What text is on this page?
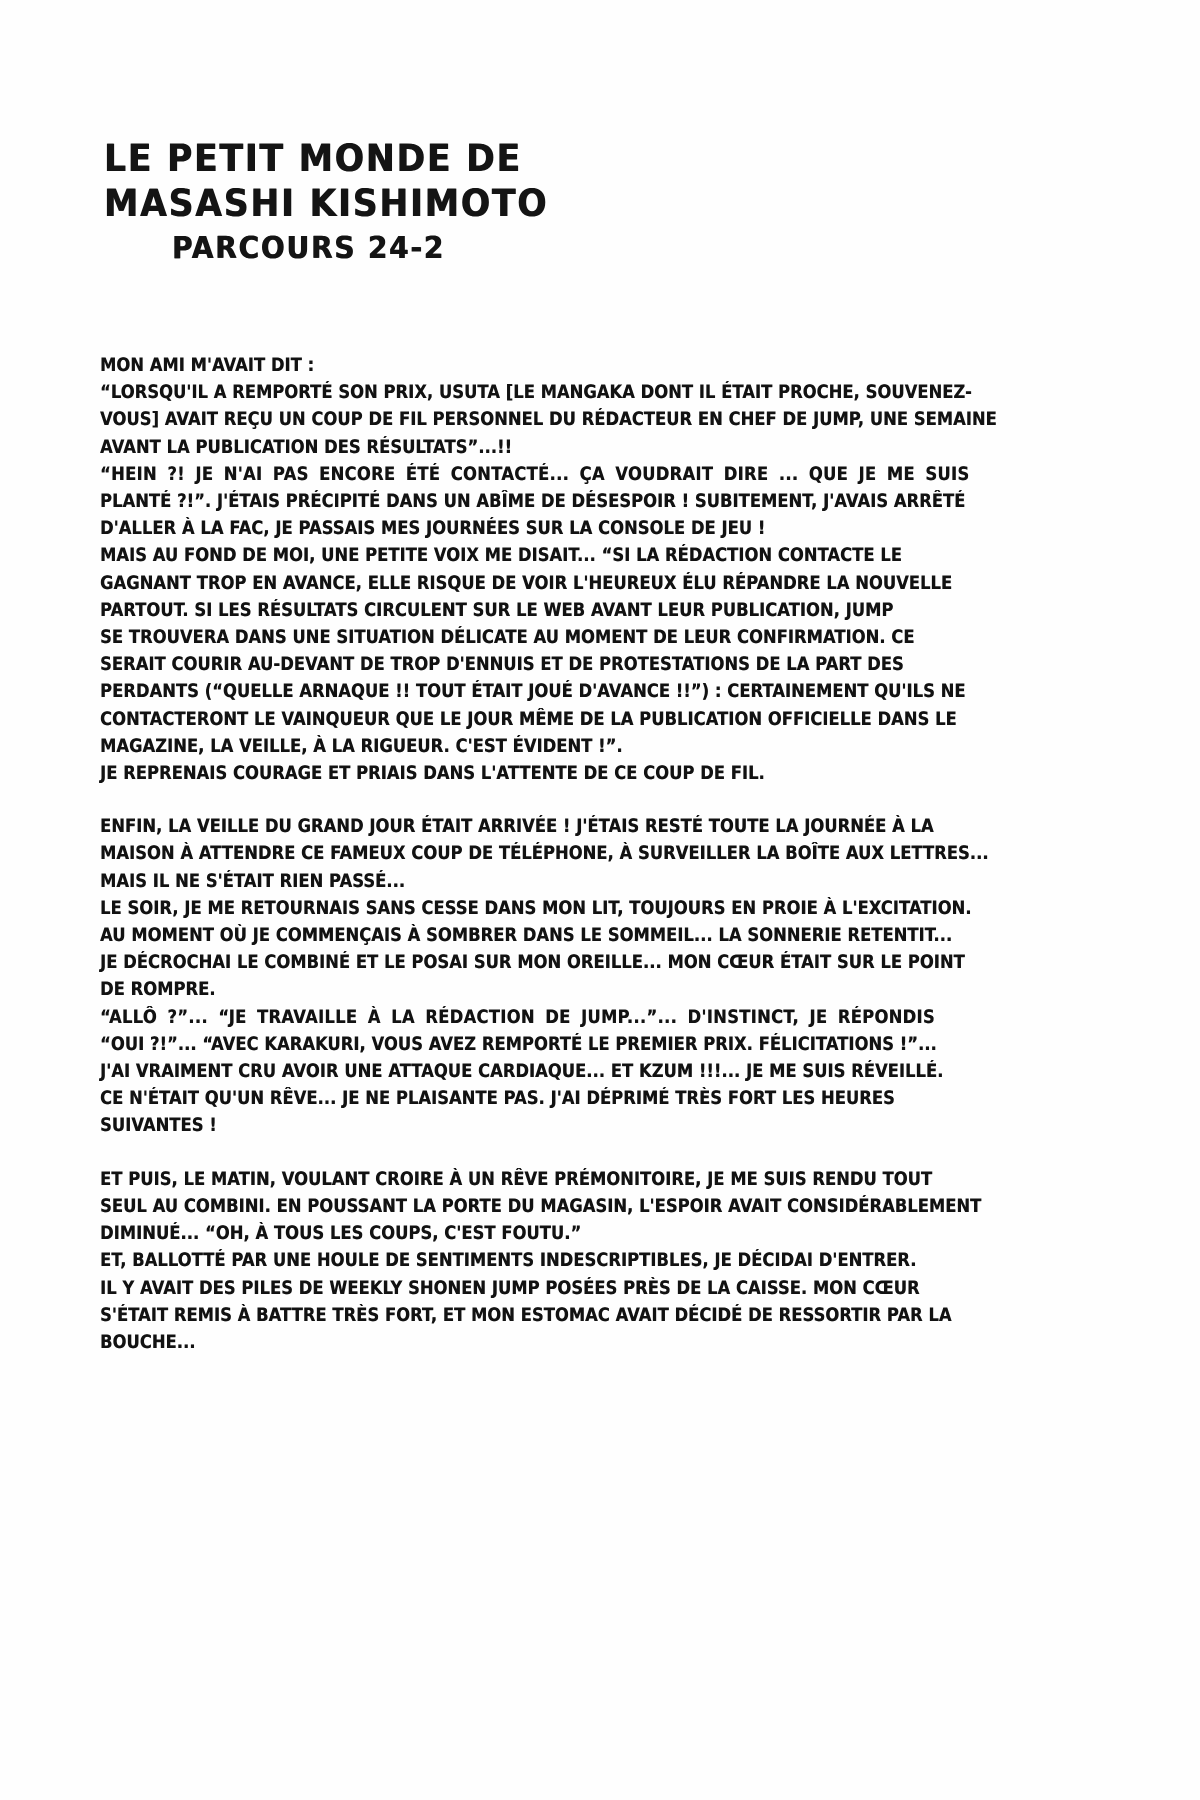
LE PETIT MONDE DE
MASASHI KISHIMOTO
PARCOURS 24-2
MON AMI M'AVAIT DIT :
“LORSQU'IL A REMPORTÉ SON PRIX, USUTA [LE MANGAKA DONT IL ÉTAIT PROCHE, SOUVENEZ-
VOUS] AVAIT REÇU UN COUP DE FIL PERSONNEL DU RÉDACTEUR EN CHEF DE JUMP, UNE SEMAINE
AVANT LA PUBLICATION DES RÉSULTATS”...!!
“HEIN ?! JE N'AI PAS ENCORE ÉTÉ CONTACTÉ... ÇA VOUDRAIT DIRE ... QUE JE ME SUIS
PLANTÉ ?!”. J'ÉTAIS PRÉCIPITÉ DANS UN ABÎME DE DÉSESPOIR ! SUBITEMENT, J'AVAIS ARRÊTÉ
D'ALLER À LA FAC, JE PASSAIS MES JOURNÉES SUR LA CONSOLE DE JEU !
MAIS AU FOND DE MOI, UNE PETITE VOIX ME DISAIT... “SI LA RÉDACTION CONTACTE LE
GAGNANT TROP EN AVANCE, ELLE RISQUE DE VOIR L'HEUREUX ÉLU RÉPANDRE LA NOUVELLE
PARTOUT. SI LES RÉSULTATS CIRCULENT SUR LE WEB AVANT LEUR PUBLICATION, JUMP
SE TROUVERA DANS UNE SITUATION DÉLICATE AU MOMENT DE LEUR CONFIRMATION. CE
SERAIT COURIR AU-DEVANT DE TROP D'ENNUIS ET DE PROTESTATIONS DE LA PART DES
PERDANTS (“QUELLE ARNAQUE !! TOUT ÉTAIT JOUÉ D'AVANCE !!”) : CERTAINEMENT QU'ILS NE
CONTACTERONT LE VAINQUEUR QUE LE JOUR MÊME DE LA PUBLICATION OFFICIELLE DANS LE
MAGAZINE, LA VEILLE, À LA RIGUEUR. C'EST ÉVIDENT !”.
JE REPRENAIS COURAGE ET PRIAIS DANS L'ATTENTE DE CE COUP DE FIL.
ENFIN, LA VEILLE DU GRAND JOUR ÉTAIT ARRIVÉE ! J'ÉTAIS RESTÉ TOUTE LA JOURNÉE À LA
MAISON À ATTENDRE CE FAMEUX COUP DE TÉLÉPHONE, À SURVEILLER LA BOÎTE AUX LETTRES...
MAIS IL NE S'ÉTAIT RIEN PASSÉ...
LE SOIR, JE ME RETOURNAIS SANS CESSE DANS MON LIT, TOUJOURS EN PROIE À L'EXCITATION.
AU MOMENT OÙ JE COMMENÇAIS À SOMBRER DANS LE SOMMEIL... LA SONNERIE RETENTIT...
JE DÉCROCHAI LE COMBINÉ ET LE POSAI SUR MON OREILLE... MON CŒUR ÉTAIT SUR LE POINT
DE ROMPRE.
“ALLÔ ?”... “JE TRAVAILLE À LA RÉDACTION DE JUMP...”... D'INSTINCT, JE RÉPONDIS
“OUI ?!”... “AVEC KARAKURI, VOUS AVEZ REMPORTÉ LE PREMIER PRIX. FÉLICITATIONS !”...
J'AI VRAIMENT CRU AVOIR UNE ATTAQUE CARDIAQUE... ET KZUM !!!... JE ME SUIS RÉVEILLÉ.
CE N'ÉTAIT QU'UN RÊVE... JE NE PLAISANTE PAS. J'AI DÉPRIMÉ TRÈS FORT LES HEURES
SUIVANTES !
ET PUIS, LE MATIN, VOULANT CROIRE À UN RÊVE PRÉMONITOIRE, JE ME SUIS RENDU TOUT
SEUL AU COMBINI. EN POUSSANT LA PORTE DU MAGASIN, L'ESPOIR AVAIT CONSIDÉRABLEMENT
DIMINUÉ... “OH, À TOUS LES COUPS, C'EST FOUTU.”
ET, BALLOTTÉ PAR UNE HOULE DE SENTIMENTS INDESCRIPTIBLES, JE DÉCIDAI D'ENTRER.
IL Y AVAIT DES PILES DE WEEKLY SHONEN JUMP POSÉES PRÈS DE LA CAISSE. MON CŒUR
S'ÉTAIT REMIS À BATTRE TRÈS FORT, ET MON ESTOMAC AVAIT DÉCIDÉ DE RESSORTIR PAR LA
BOUCHE...
